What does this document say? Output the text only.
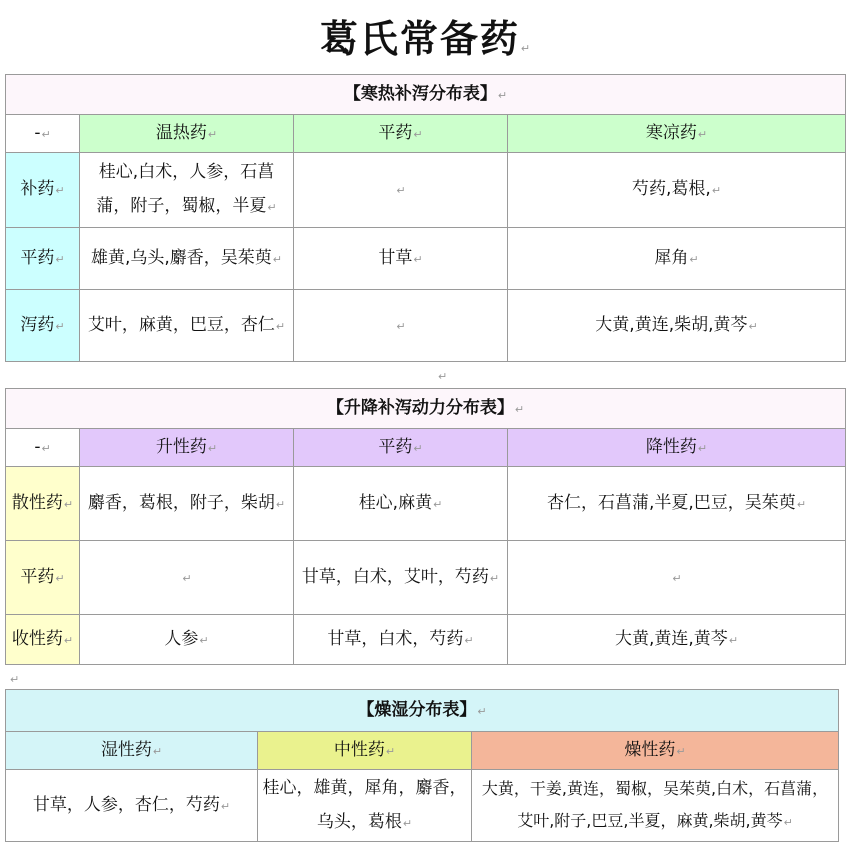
葛氏常备药↵
【寒热补泻分布表】↵			
-↵	温热药↵	平药↵	寒凉药↵
补药↵	桂心,白术，人参，石菖蒲，附子，蜀椒，半夏↵	↵	芍药,葛根,↵
平药↵	雄黄,乌头,麝香，吴茱萸↵	甘草↵	犀角↵
泻药↵	艾叶，麻黄，巴豆，杏仁↵	↵	大黄,黄连,柴胡,黄芩↵
↵
【升降补泻动力分布表】↵			
-↵	升性药↵	平药↵	降性药↵
散性药↵	麝香，葛根，附子，柴胡↵	桂心,麻黄↵	杏仁，石菖蒲,半夏,巴豆，吴茱萸↵
平药↵	↵	甘草，白术，艾叶，芍药↵	↵
收性药↵	人参↵	甘草，白术，芍药↵	大黄,黄连,黄芩↵
↵
【燥湿分布表】↵		
湿性药↵	中性药↵	燥性药↵
甘草，人参，杏仁，芍药↵	桂心，雄黄，犀角，麝香，乌头，葛根↵	大黄，干姜,黄连，蜀椒，吴茱萸,白术，石菖蒲，艾叶,附子,巴豆,半夏，麻黄,柴胡,黄芩↵
